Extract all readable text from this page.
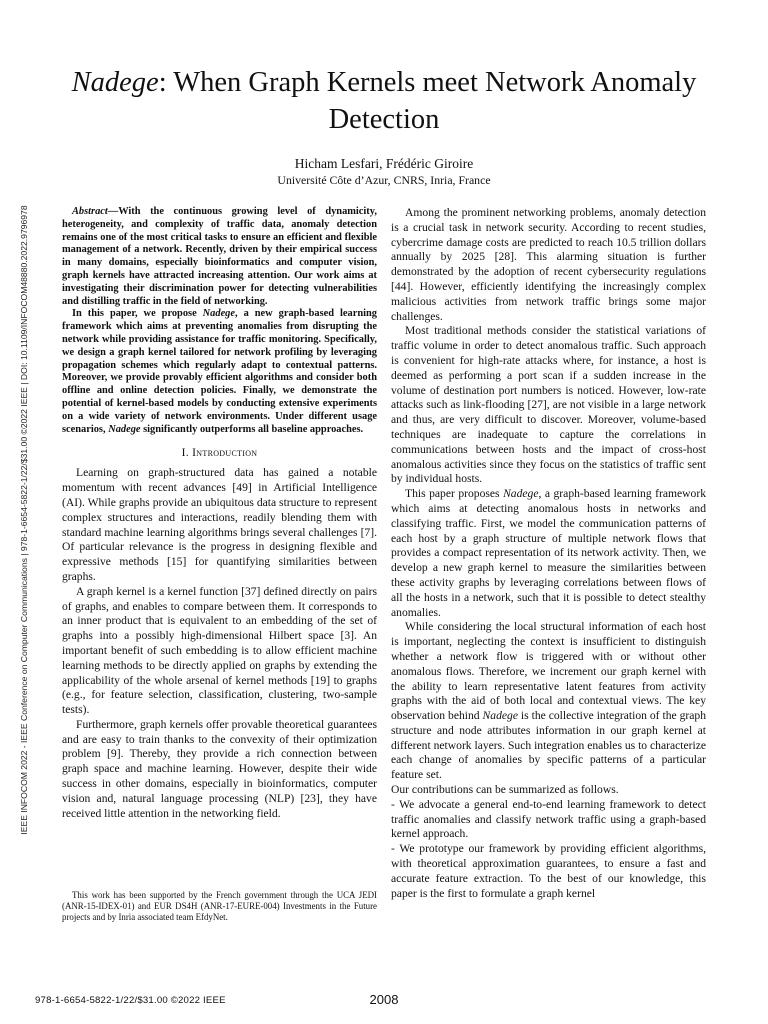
Nadege: When Graph Kernels meet Network Anomaly Detection
Hicham Lesfari, Frédéric Giroire
Université Côte d’Azur, CNRS, Inria, France
IEEE INFOCOM 2022 - IEEE Conference on Computer Communications | 978-1-6654-5822-1/22/$31.00 ©2022 IEEE | DOI: 10.1109/INFOCOM48880.2022.9796978	Abstract—With the continuous growing level of dynamicity, heterogeneity, and complexity of traffic data, anomaly detection remains one of the most critical tasks to ensure an efficient and flexible management of a network. Recently, driven by their empirical success in many domains, especially bioinformatics and computer vision, graph kernels have attracted increasing attention. Our work aims at investigating their discrimination power for detecting vulnerabilities and distilling traffic in the field of networking.

In this paper, we propose Nadege, a new graph-based learning framework which aims at preventing anomalies from disrupting the network while providing assistance for traffic monitoring. Specifically, we design a graph kernel tailored for network profiling by leveraging propagation schemes which regularly adapt to contextual patterns. Moreover, we provide provably efficient algorithms and consider both offline and online detection policies. Finally, we demonstrate the potential of kernel-based models by conducting extensive experiments on a wide variety of network environments. Under different usage scenarios, Nadege significantly outperforms all baseline approaches.

I. Introduction

Learning on graph-structured data has gained a notable momentum with recent advances [49] in Artificial Intelligence (AI). While graphs provide an ubiquitous data structure to represent complex structures and interactions, readily blending them with standard machine learning algorithms brings several challenges [7]. Of particular relevance is the progress in designing flexible and expressive methods [15] for quantifying similarities between graphs.

A graph kernel is a kernel function [37] defined directly on pairs of graphs, and enables to compare between them. It corresponds to an inner product that is equivalent to an embedding of the set of graphs into a possibly high-dimensional Hilbert space [3]. An important benefit of such embedding is to allow efficient machine learning methods to be directly applied on graphs by extending the applicability of the whole arsenal of kernel methods [19] to graphs (e.g., for feature selection, classification, clustering, two-sample tests).

Furthermore, graph kernels offer provable theoretical guarantees and are easy to train thanks to the convexity of their optimization problem [9]. Thereby, they provide a rich connection between graph space and machine learning. However, despite their wide success in other domains, especially in bioinformatics, computer vision and, natural language processing (NLP) [23], they have received little attention in the networking field.

This work has been supported by the French government through the UCA JEDI (ANR-15-IDEX-01) and EUR DS4H (ANR-17-EURE-004) Investments in the Future projects and by Inria associated team EfdyNet.

Among the prominent networking problems, anomaly detection is a crucial task in network security. According to recent studies, cybercrime damage costs are predicted to reach 10.5 trillion dollars annually by 2025 [28]. This alarming situation is further demonstrated by the adoption of recent cybersecurity regulations [44]. However, efficiently identifying the increasingly complex malicious activities from network traffic brings some major challenges.

Most traditional methods consider the statistical variations of traffic volume in order to detect anomalous traffic. Such approach is convenient for high-rate attacks where, for instance, a host is deemed as performing a port scan if a sudden increase in the volume of destination port numbers is noticed. However, low-rate attacks such as link-flooding [27], are not visible in a large network and thus, are very difficult to discover. Moreover, volume-based techniques are inadequate to capture the correlations in communications between hosts and the impact of cross-host anomalous activities since they focus on the statistics of traffic sent by individual hosts.

This paper proposes Nadege, a graph-based learning framework which aims at detecting anomalous hosts in networks and classifying traffic. First, we model the communication patterns of each host by a graph structure of multiple network flows that provides a compact representation of its network activity. Then, we develop a new graph kernel to measure the similarities between these activity graphs by leveraging correlations between flows of all the hosts in a network, such that it is possible to detect stealthy anomalies.

While considering the local structural information of each host is important, neglecting the context is insufficient to distinguish whether a network flow is triggered with or without other anomalous flows. Therefore, we increment our graph kernel with the ability to learn representative latent features from activity graphs with the aid of both local and contextual views. The key observation behind Nadege is the collective integration of the graph structure and node attributes information in our graph kernel at different network layers. Such integration enables us to characterize each change of anomalies by specific patterns of a particular feature set.

Our contributions can be summarized as follows.

- We advocate a general end-to-end learning framework to detect traffic anomalies and classify network traffic using a graph-based kernel approach.

- We prototype our framework by providing efficient algorithms, with theoretical approximation guarantees, to ensure a fast and accurate feature extraction. To the best of our knowledge, this paper is the first to formulate a graph kernel

978-1-6654-5822-1/22/$31.00 ©2022 IEEE	2008
